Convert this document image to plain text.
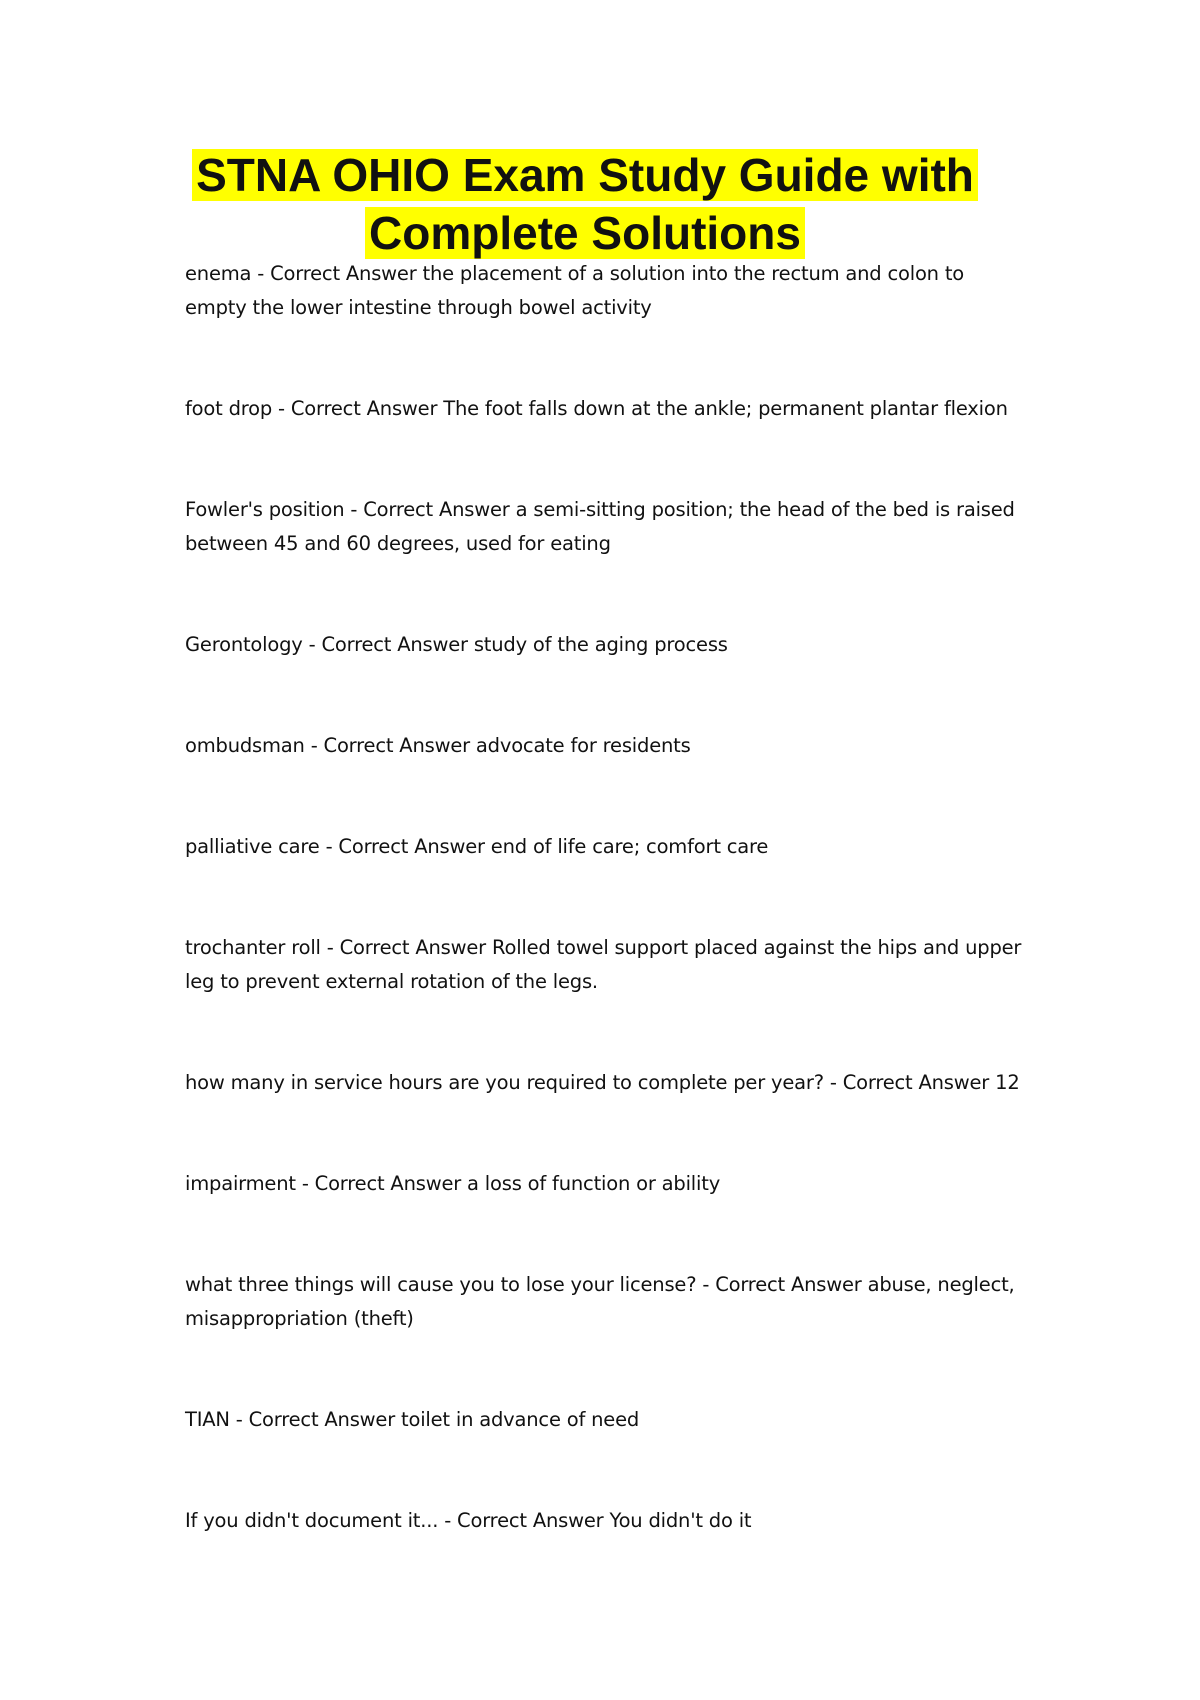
STNA OHIO Exam Study Guide with Complete Solutions

enema - Correct Answer the placement of a solution into the rectum and colon to empty the lower intestine through bowel activity

foot drop - Correct Answer The foot falls down at the ankle; permanent plantar flexion

Fowler's position - Correct Answer a semi-sitting position; the head of the bed is raised between 45 and 60 degrees, used for eating

Gerontology - Correct Answer study of the aging process

ombudsman - Correct Answer advocate for residents

palliative care - Correct Answer end of life care; comfort care

trochanter roll - Correct Answer Rolled towel support placed against the hips and upper leg to prevent external rotation of the legs.

how many in service hours are you required to complete per year? - Correct Answer 12

impairment - Correct Answer a loss of function or ability

what three things will cause you to lose your license? - Correct Answer abuse, neglect, misappropriation (theft)

TIAN - Correct Answer toilet in advance of need

If you didn't document it... - Correct Answer You didn't do it
